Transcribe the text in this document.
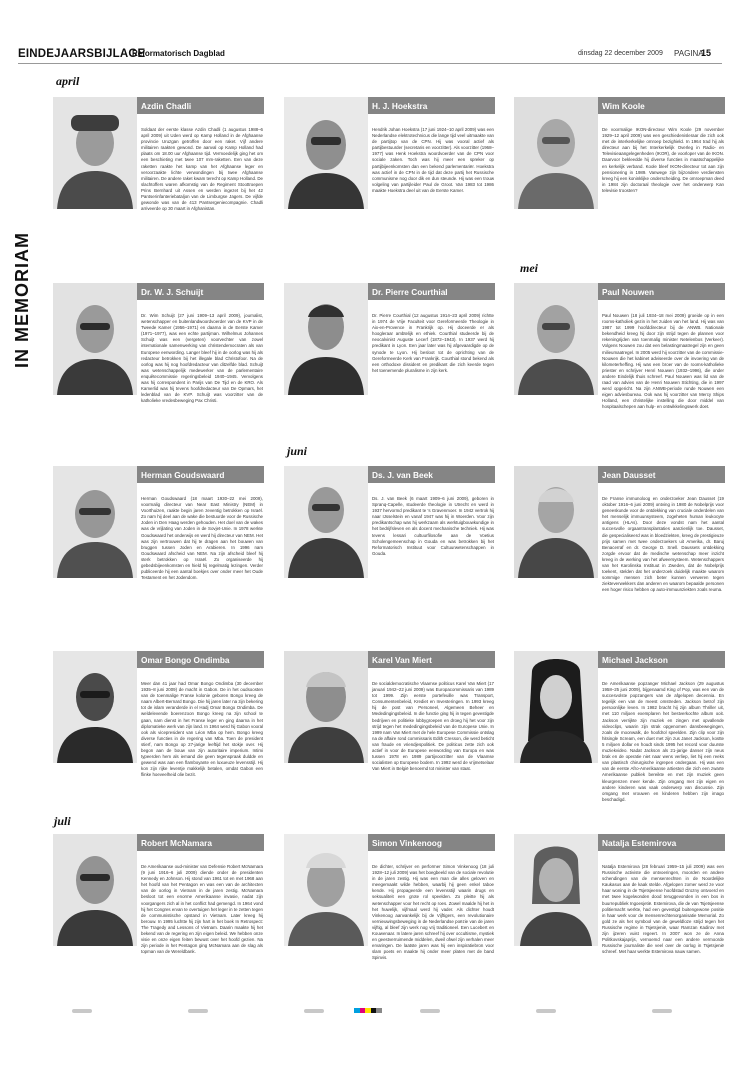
EINDEJAARSBIJLAGE
Reformatorisch Dagblad	dinsdag 22 december 2009 PAGINA
15
IN MEMORIAM
april
mei
juni
juli
Azdin Chadli
Soldaat der eerste klasse Azdin Chadli (1 augustus 1988–6 april 2009) uit Uden werd op Kamp Holland in de Afghaanse provincie Uruzgan getroffen door een raket. Vijf andere militairen raakten gewond. De aanval op Kamp Holland had plaats om 18.00 uur Afghaanse tijd. Vermoedelijk ging het om een beschieting met twee 107 mm-raketten. Een van deze raketten raakte het kamp van het Afghaanse leger en veroorzaakte lichte verwondingen bij twee Afghaanse militairen. De andere raket kwam terecht op Kamp Holland. De slachtoffers waren afkomstig van de Regiment Stoottroepen Prins Bernhard uit Assen en werden ingezet bij het 42 Pantserinfanteriebataljon van de Limburgse Jagers. De vijfde gewonde was van de 413 Pantsergeniecompagnie. Chadli arriveerde op 30 maart in Afghanistan.
H. J. Hoekstra
Hendrik Johan Hoekstra (17 juni 1924–10 april 2009) was een Nederlandse elektrotechnicus die lange tijd veel uitmaakte van de partijtop van de CPN. Hij was vooral actief als partijbestuurder (secretaris en voorzitter). Als voorzitter (1968–1977) was Henk Hoekstra woordvoerder van de CPN voor sociale zaken. Toch was hij meer een spreker op partijbijeenkomsten dan een bekend parlementariër. Hoekstra was actief in de CPN in de tijd dat deze partij het Russische communisme nog door dik en dun steunde. Hij was een trouw volgeling van partijleider Paul de Groot. Van 1983 tot 1986 maakte Hoekstra deel uit van de Eerste Kamer.
Wim Koole
De voormalige IKON-directeur Wim Koole (29 november 1929–12 april 2009) was een geschiedenisleraar die zich ook met de interkerkelijke omroep bezighield. In 1964 trad hij als directeur aan bij het Interkerkelijk Overleg in Radio- en Televisieaangelegenheden (IKOR), de voorloper van de IKON. Daarvoor bekleedde hij diverse functies in maatschappelijke en kerkelijk verband. Koole bleef IKON-directeur tot aan zijn pensionering in 1989. Vanwege zijn bijzondere verdiensten kreeg hij een koninklijke onderscheiding. De omroepman deed in 1984 zijn doctoraal theologie over het onderwerp Kan televisie troosten?
Dr. W. J. Schuijt
Dr. Wim Schuijt (27 juni 1909–13 april 2009), journalist, wetenschapper en buitenlandwoordvoerder van de KVP in de Tweede Kamer (1956–1971) en daarna in de Eerste Kamer (1971–1977), was een echte partijman. Wilhelmus Johannes Schuijt was een (vergeten) voorvechter van zowel internationale samenwerking van christendemocraten als van Europese eenwording. Langer bleef hij in de oorlog was hij als redacteur betrokken bij het illegale blad Christofoor. Na de oorlog was hij nog hoofdredacteur van ditzelfde blad. Schuijt was wetenschappelijk medewerker van de parlementaire enquêtecommissie regeringsbeleid 1940–1945. Vervolgens was hij correspondent in Parijs van De Tijd en de KRO. Als Kamerlid was hij tevens hoofdredacteur van De Opmars, het ledenblad van de KVP. Schuijt was voorzitter van de katholieke vredesbeweging Pax Christi.
Dr. Pierre Courthial
Dr. Pierre Courthial (12 augustus 1914–23 april 2009) richtte in 1974 de Vrije Faculteit voor Gereformeerde Theologie in Aix-en-Provence in Frankrijk op. Hij doceerde er als hoogleraar ambtelijk en ethiek. Courthial studeerde bij de neocalvinist Auguste Lecerf (1872–1943). In 1937 werd hij predikant in Lyon. Een jaar later was hij afgevaardigde op de synode te Lyon. Hij besloot tot de oprichting van de Gereformeerde Kerk van Frankrijk. Courthial stond bekend als een orthodoxe dissident en predikant die zich keerde tegen het toenemende pluralisme in zijn kerk.
Paul Nouwen
Paul Nouwen (18 juli 1934–18 mei 2009) groeide op in een rooms-katholiek gezin in het zuiden van het land. Hij was van 1987 tot 1999 hoofddirecteur bij de ANWB. Nationale bekendheid kreeg hij door zijn strijd tegen de plannen voor rekeningrijden van toenmalig minister Netelenbos (Verkeer). Volgens Nouwen zou dat een belastingmaatregel zijn en geen milieumaatregel. In 2005 werd hij voorzitter van de commissie-Nouwen die het kabinet adviseerde over de invoering van de kilometerheffing. Hij was een broer van de rooms-katholieke priester en schrijver Henri Nouwen (1932–1996), die onder andere Eindelijk thuis schreef. Paul Nouwen was lid van de raad van advies van de Henri Nouwen Stichting, die in 1997 werd opgericht. Na zijn ANWB-periode runde Nouwen een eigen adviesbureau. Ook was hij voorzitter van Mercy Ships Holland, een christelijke instelling die door middel van hospitaalschepen aan hulp- en ontwikkelingswerk doet.
Herman Goudswaard
Herman Goudswaard (18 maart 1930–22 mei 2009), voormalig directeur van Near East Ministry (NEM) in Voorthuizen, raakte begin jaren zeventig betrokken op Israël. Zo nam hij deel aan de wake die bestuurde voor de Russische Joden in Den Haag werden gehouden. Het doel van de wakes was de vrijlating van Joden in de Sovjet-Unie. In 1978 werkte Goudswaard het onderwijs en werd hij directeur van NEM. Het was zijn vertrouwen dat hij te dragen aan het bouwen van bruggen tussen Joden en Arabieren. In 1996 nam Goudswaard afscheid van NEM. Na zijn afscheid bleef hij sterk betrokken op Israël. Zo organiseerde hij gebedsbijeenkomsten en hield hij regelmatig lezingen. Verder publiceerde hij een aantal boekjes over onder meer het Oude Testament en het Jodendom.
Ds. J. van Beek
Ds. J. van Beek (6 maart 1909–6 juni 2009), geboren in Spranq-Capelle, studeerde theologie in Utrecht en werd in 1937 hervormd predikant te 's Gravenmoer. In 1942 vertrok hij naar IJsselstein en vanaf 1947 was hij in Woerden. Voor zijn predikantschap was hij werkzaam als werktuigbouwkundige in het bedrijfsleven en als docent mechanische techniek. Hij was tevens lessari cultuurfilosofie aan de Voetius Scholengemeenschap in Gouda en was betrokken bij het Reformatorisch Instituut voor Cultuurwetenschappen in Gouda.
Jean Dausset
De Franse immunoloog en onderzoeker Jean Dausset (19 oktober 1916–6 juni 2009) ontving in 1980 de Nobelprijs voor geneeskunde voor de ontdekking van cruciale onderdelen van het menselijk immuunsysteem, zogeheten human leukocyte antigens (HLAs). Door deze vondst nam het aantal succesvolle orgaantransplantaties aanzienlijk toe. Dausset, die gespecialiseerd was in bloedziekten, kreeg de prestigieuze prijs samen met twee onderzoekers uit Amerika, dr. Baruj Benacerraf en dr. George D. Snell. Daussets ontdekking zorgde ervoor dat de medische wetenschap meer inzicht kreeg in de werking van het afweersysteem. Wetenschappers van het Karolinska Instituut in Zweden, dat de Nobelprijs toekent, stelden dat het onderzoek duidelijk maakte waarom sommige mensen zich beter kunnen verweren tegen ziekteverwekkers dan anderen en waarom bepaalde personen een hoger risico hebben op auto-immuunziekten zoals reuma.
Omar Bongo Ondimba
Meer dan 41 jaar had Omar Bongo Ondimba (30 december 1935–8 juni 2009) de macht in Gabon. De in het oudsoosten van de toenmalige Franse kolonie geboren Bongo kreeg de naam Albert-Bernard Bongo. Die hij jaren later na zijn bekering tot de islam veranderde in el Hadj Omar Bongo Ondimba. De weldelevende boerenzoon Bongo kreeg na zijn school te gaan, nam dienst in het Franse leger en ging daarna in het diplomatieke werk van zijn land. In 1964 werd hij Gabon vooral ook als vicepresident van Léon Mba op hem. Bongo kreeg diverse functies in de regering van Mba. Toen de president stierf, nam Bongo op 27-jarige leeftijd het stokje over. Hij begon aan de bouw van zijn autoritaire imperium. Intimi typeerden hem als iemand die geen tegenspraak duldde en gewend was aan een flamboyante en luxueuze levensstijl. Hij kon zijn rijke leventje makkelijk betalen, omdat Gabon een flinke hoeveelheid olie bezit.
Karel Van Miert
De socialdemocratische Vlaamse politicus Karel Van Miert (17 januari 1942–22 juni 2009) was Europacommissaris van 1989 tot 1999. Zijn eerste portefeuille was Transport, Consumentenbeleid, Krediet en Investeringen. In 1993 kreeg hij de post van Personeel, Algemeen Beheer en Mededingingsbeleid. In die functie ging hij in tegen gevestigde bedrijven en politieke lobbygroepen en droeg hij het voor zijn strijd tegen het mededingingsbeleid van de Europese Unie. In 1999 nam Van Miert met de hele Europese Commissie ontslag na de affaire rond commissaris Edith Cresson, die werd beticht van fraude en vriendjespolitiek. De politicus zette zich ook actief in voor de Europese eenwording van Europa en was tussen 1978 en 1989 partijvoorzitter van de Vlaamse socialisten op Europese bodem. In 1992 werd de vrijmetselaar Van Miert in België benoemd tot minister van staat.
Michael Jackson
De Amerikaanse popzanger Michael Jackson (29 augustus 1958–25 juni 2009), bijgenaamd King of Pop, was een van de succesvolste popzangers van de afgelopen decennia. En tegelijk een van de meest omstreden. Jackson betrof zijn persoonlijke leven. In 1982 bracht hij zijn album Thriller uit, met 110 miljoen exemplaren het bestverkochte album ooit. Jackson verrijkte zijn muziek en zingen met opvallende videoclips, waarin zijn strak opgenomen dansbewegingen, zoals de moonwalk, de hoofdrol speelden. Zijn clip voor zijn hitsingle Scream, een duet met zijn zus Janet Jackson, kostte 5 miljoen dollar en houdt sinds 1995 het record voor duurste muziekvideo. Nadat Jackson als 21-jarige danser zijn neus brak en de operatie niet naar wens verliep, liet hij een reeks van plastisch chirurgische ingrepen ondergaan. Hij was een van de eerste Afro-Amerikaanse artiesten die zich een zwarte Amerikaanse publiek bereikte en met zijn muziek geen kleurgrenzen meer kende. Zijn omgang met zijn eigen en andere kinderen was vaak onderwerp van discussie. Zijn omgang met vrouwen en kinderen hebben zijn imago beschadigd.
Robert McNamara
De Amerikaanse oud-minister van Defensie Robert McNamara (9 juni 1916–6 juli 2009) diende onder de presidenten Kennedy en Johnson. Hij stond van 1961 tot en met 1968 aan het hoofd van het Pentagon en was een van de architecten van de oorlog in Vietnam in de jaren zestig. McNamara besloot tot een enorme Amerikaanse invasie, nadat zijn voorgangers zich al in het conflict had gemengd. In 1964 vond hij het Congres ervan te overtuigen het leger in te zetten tegen de communistische opstand in Vietnam. Later kreeg hij berouw. In 1995 luchtte hij zijn hart in het boek In Retrospect: The Tragedy and Lessons of Vietnam. Daarin maakte hij het bekend van de regering en zijn eigen beleid. We hebben onze visie en onze eigen feiten bewust over het hoofd gezien. Na zijn periode in het Pentagon ging McNamara aan de slag als topman van de Wereldbank.
Simon Vinkenoog
De dichter, schrijver en performer Simon Vinkenoog (18 juli 1928–12 juli 2009) was het boegbeeld van de sociale revolutie in de jaren zestig. Hij was een man die alles geloven en meegemaakt wilde hebben, waarbij hij geen enkel taboe kende. Hij propageerde een levensstijl waarin drugs en seksualiteit een grote rol speelden. Zo pleitte hij als wetenschapper voor het recht op roes. Zowel maalde hij het in het huwelijk, vijfmaal werd hij vader. Als dichter houdt Vinkenoog aanvankelijk bij de Vijftigers, een revolutionaire vernieuwingsbeweging in de Nederlandse poëzie van de jaren vijftig, al bleef zijn werk nog vrij traditioneel. Een Lucebert en Kouwenaar. In latere jaren schreef hij over occultisme, mystiek en geestverruimende middelen, dweil ofwel zijn verhalen meer ervaringen. De laatste jaren was hij een inspiratiebron voor slam poets en maakte hij onder meer platen met de band Spinvis.
Natalja Estemirova
Natalja Estemirova (28 februari 1959–15 juli 2009) was een Russische activiste die ontvoeringen, moorden en andere schendingen van de mensenrechten in de Noordelijke Kaukasus aan de kaak stelde. Afgelopen zomer werd ze voor haar woning in de Tsjetsjeense hoofdstad Grozny ontvoerd en met twee kogelwonden dood teruggevonden in een bos in buurrepubliek Ingoesjetië. Estemirova, die de van Tsjetsjeense politiemacht werkte, had een gevestigd buitengewone positie in haar werk voor de mensenrechtenorganisatie Memorial. Zo gold ze als het symbool van de geweldloze strijd tegen het Russische regime in Tsjetsjenië, waar Ramzan Kadirov met zijn ijzeren vuist regeert. In 2007 won ze de Anna Politkovskajaprijs, vernoemd naar een andere vermoorde Russische journaliste die veel over de oorlog in Tsjetsjenië schreef. Met haar werkte Estemirova nauw samen.
